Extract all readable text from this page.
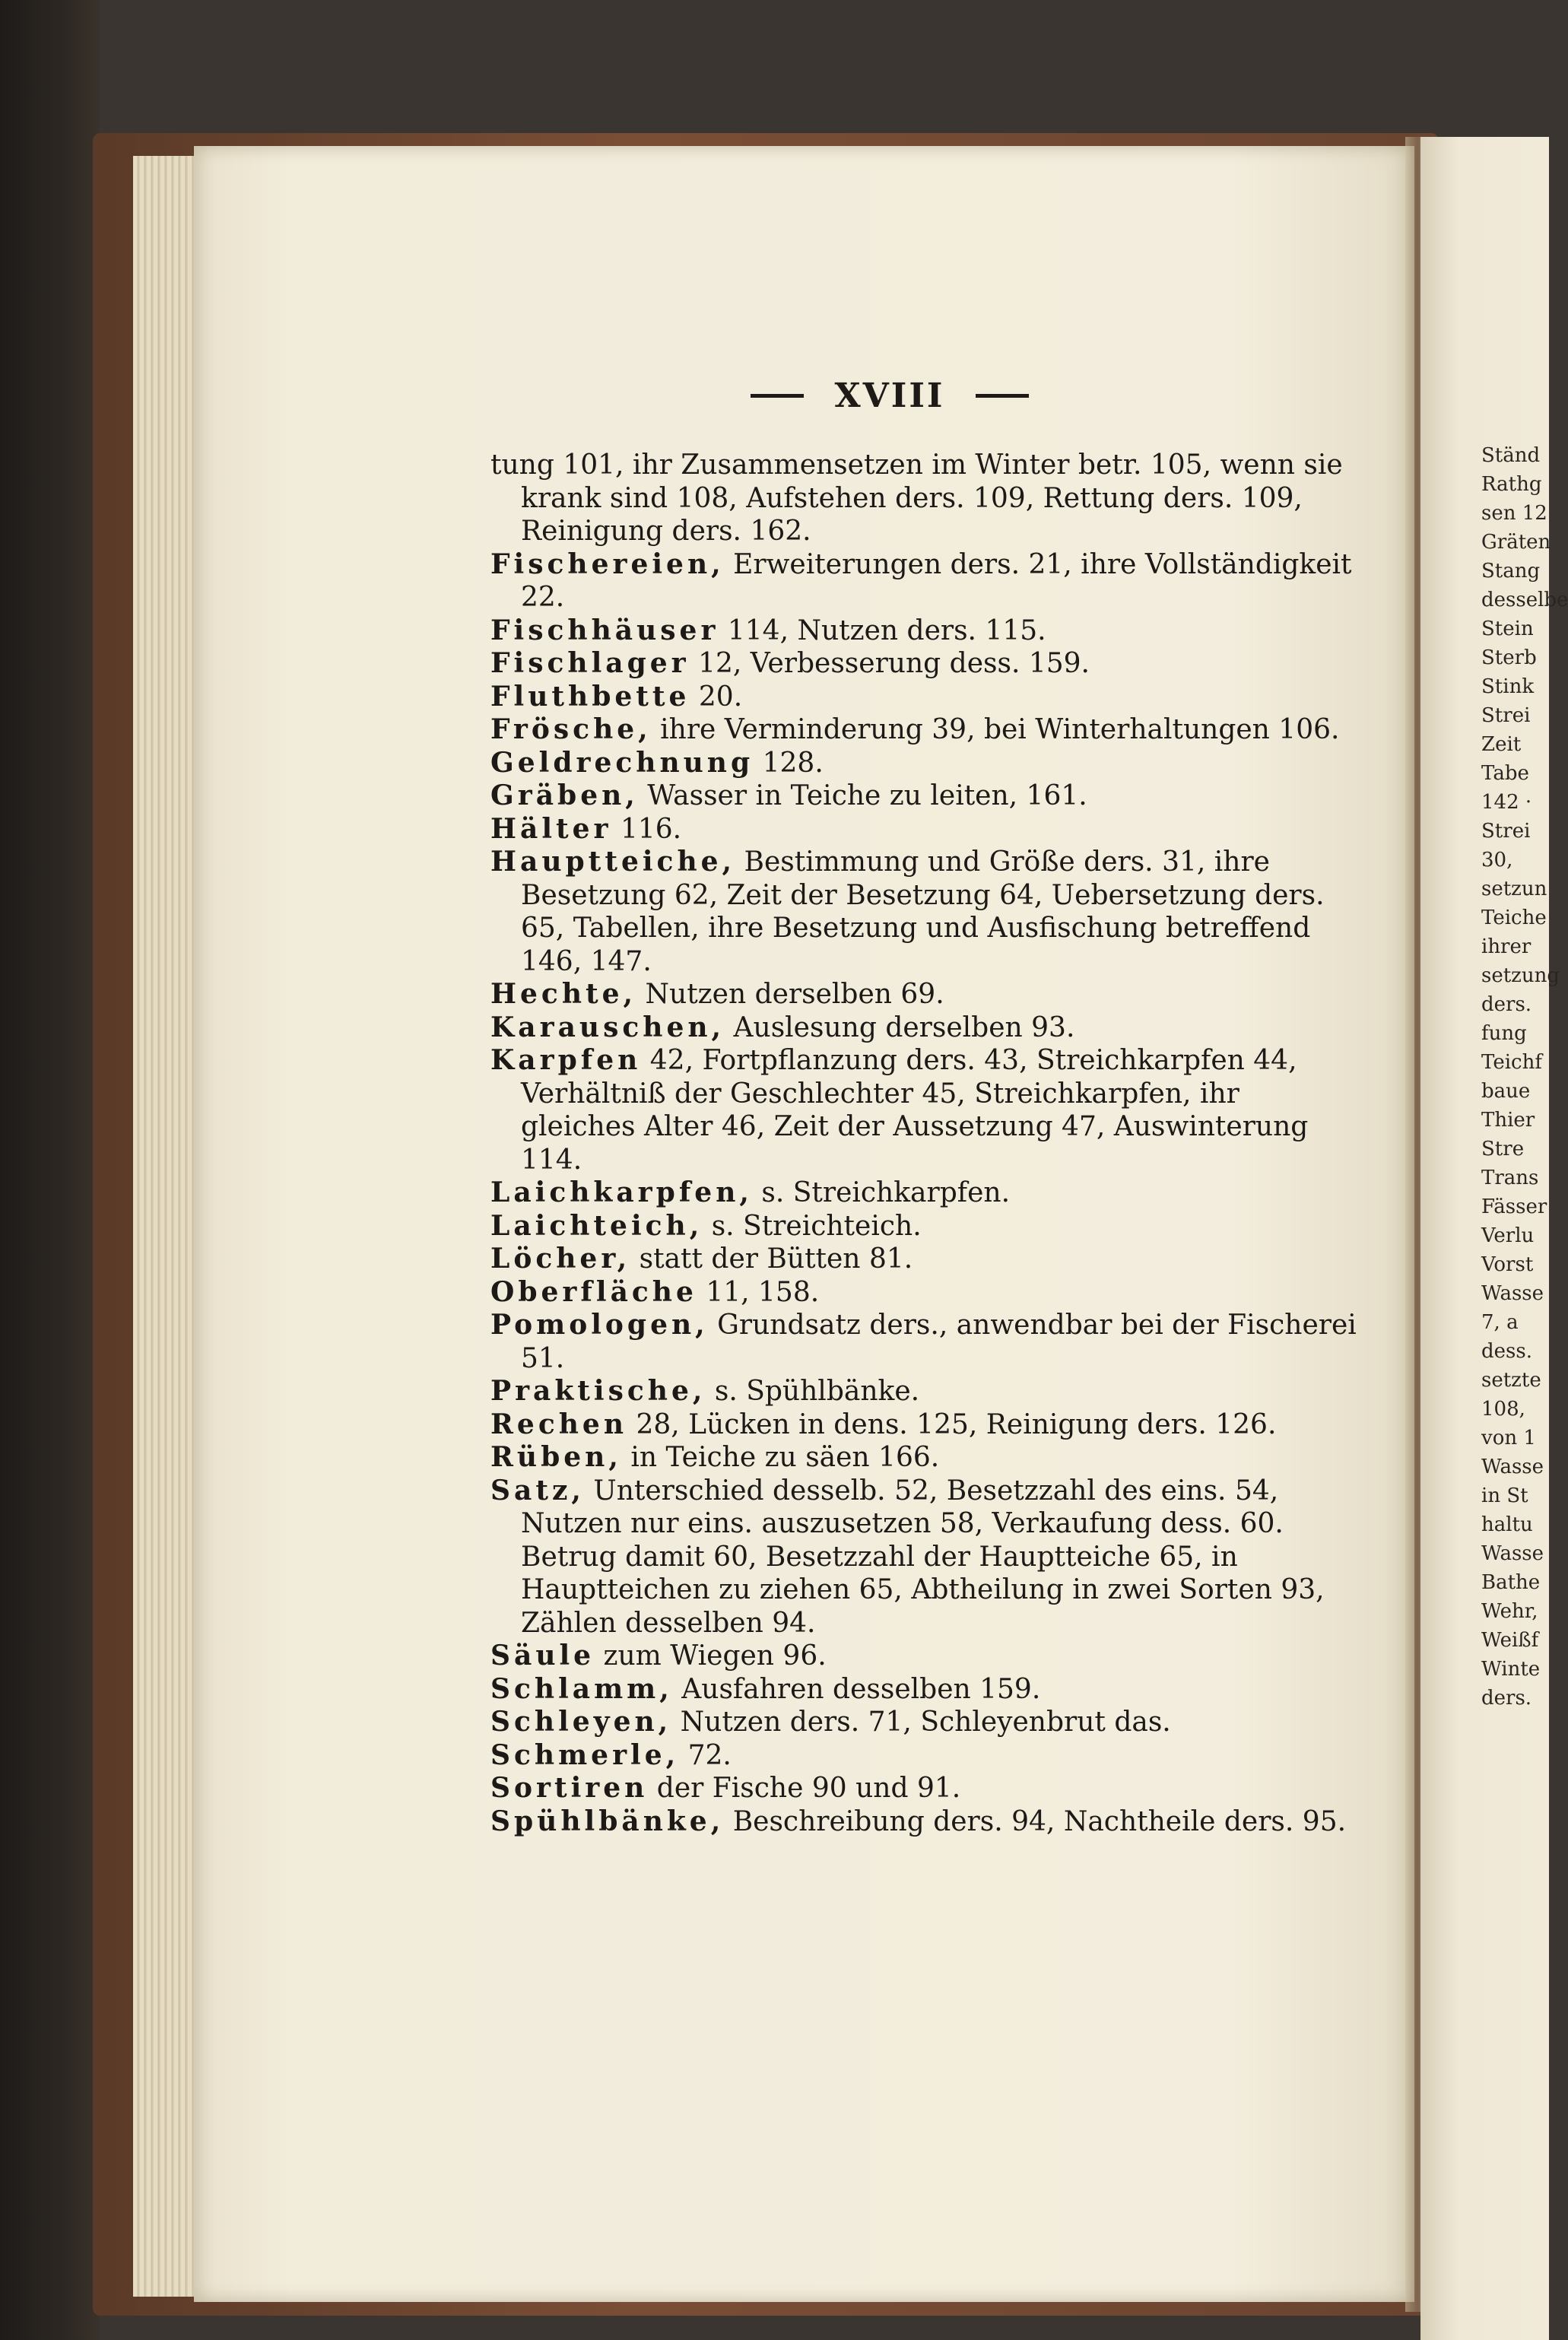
Ständ
Rathg
sen 12
Gräten
Stang
desselbe
Stein
Sterb
Stink
Strei
Zeit
Tabe
142 ·
Strei
30,
setzun
Teiche
ihrer
setzung
ders.
fung
Teichf
baue
Thier
Stre
Trans
Fässer
Verlu
Vorst
Wasse
7, a
dess.
setzte
108,
von 1
Wasse
in St
haltu
Wasse
Bathe
Wehr,
Weißf
Winte
ders.
XVIII

tung 101, ihr Zusammensetzen im Winter betr. 105, wenn sie krank sind 108, Aufstehen ders. 109, Rettung ders. 109, Reinigung ders. 162.

Fischereien, Erweiterungen ders. 21, ihre Vollständigkeit 22.

Fischhäuser 114, Nutzen ders. 115.

Fischlager 12, Verbesserung dess. 159.

Fluthbette 20.

Frösche, ihre Verminderung 39, bei Winterhaltungen 106.

Geldrechnung 128.

Gräben, Wasser in Teiche zu leiten, 161.

Hälter 116.

Hauptteiche, Bestimmung und Größe ders. 31, ihre Besetzung 62, Zeit der Besetzung 64, Uebersetzung ders. 65, Tabellen, ihre Besetzung und Ausfischung betreffend 146, 147.

Hechte, Nutzen derselben 69.

Karauschen, Auslesung derselben 93.

Karpfen 42, Fortpflanzung ders. 43, Streichkarpfen 44, Verhältniß der Geschlechter 45, Streichkarpfen, ihr gleiches Alter 46, Zeit der Aussetzung 47, Auswinterung 114.

Laichkarpfen, s. Streichkarpfen.

Laichteich, s. Streichteich.

Löcher, statt der Bütten 81.

Oberfläche 11, 158.

Pomologen, Grundsatz ders., anwendbar bei der Fischerei 51.

Praktische, s. Spühlbänke.

Rechen 28, Lücken in dens. 125, Reinigung ders. 126.

Rüben, in Teiche zu säen 166.

Satz, Unterschied desselb. 52, Besetzzahl des eins. 54, Nutzen nur eins. auszusetzen 58, Verkaufung dess. 60. Betrug damit 60, Besetzzahl der Hauptteiche 65, in Hauptteichen zu ziehen 65, Abtheilung in zwei Sorten 93, Zählen desselben 94.

Säule zum Wiegen 96.

Schlamm, Ausfahren desselben 159.

Schleyen, Nutzen ders. 71, Schleyenbrut das.

Schmerle, 72.

Sortiren der Fische 90 und 91.

Spühlbänke, Beschreibung ders. 94, Nachtheile ders. 95.
